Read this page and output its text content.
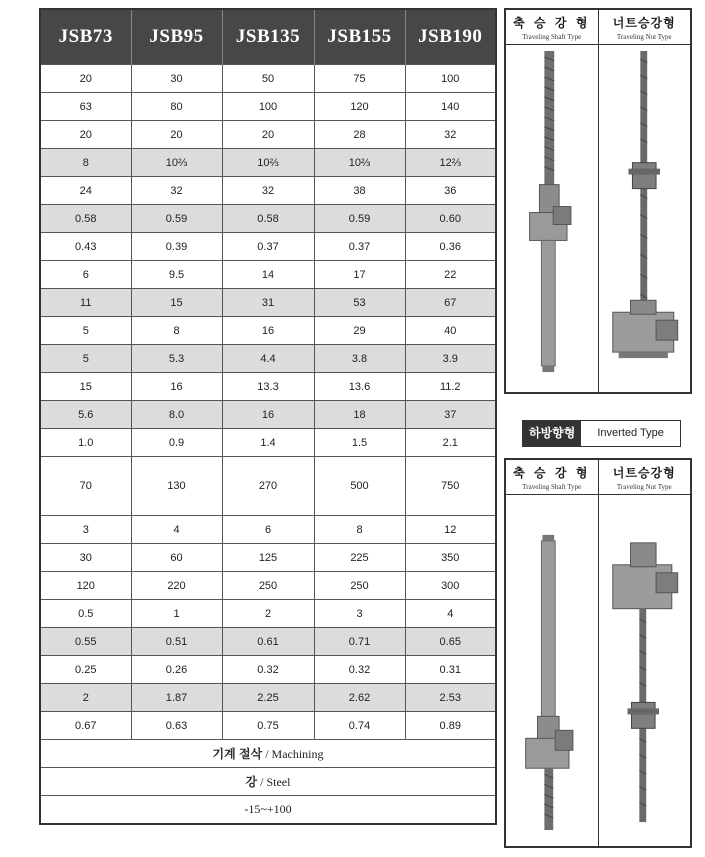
JSB73	JSB95	JSB135	JSB155	JSB190
20	30	50	75	100
63	80	100	120	140
20	20	20	28	32
8	10⅔	10⅔	10⅔	12⅔
24	32	32	38	36
0.58	0.59	0.58	0.59	0.60
0.43	0.39	0.37	0.37	0.36
6	9.5	14	17	22
11	15	31	53	67
5	8	16	29	40
5	5.3	4.4	3.8	3.9
15	16	13.3	13.6	11.2
5.6	8.0	16	18	37
1.0	0.9	1.4	1.5	2.1
70	130	270	500	750
3	4	6	8	12
30	60	125	225	350
120	220	250	250	300
0.5	1	2	3	4
0.55	0.51	0.61	0.71	0.65
0.25	0.26	0.32	0.32	0.31
2	1.87	2.25	2.62	2.53
0.67	0.63	0.75	0.74	0.89
기계 절삭 / Machining				
강 / Steel				
-15~+100				
축 승 강 형
Traveling Shaft Type
너트승강형
Traveling Nut Type
하방향형	Inverted Type
축 승 강 형
Traveling Shaft Type
너트승강형
Traveling Nut Type
